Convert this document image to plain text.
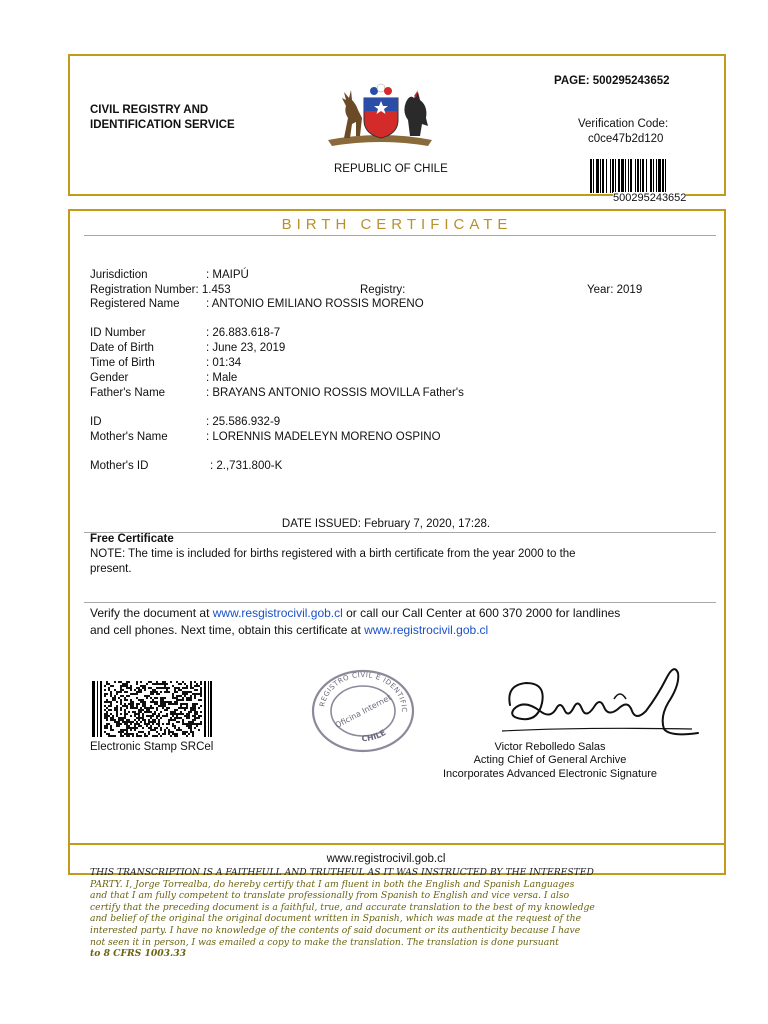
PAGE: 500295243652
CIVIL REGISTRY AND
IDENTIFICATION SERVICE
REPUBLIC OF CHILE
Verification Code:
c0ce47b2d120
500295243652
BIRTH CERTIFICATE
Jurisdiction	: MAIPÚ
Registration Number: 1.453	Registry:	Year: 2019
Registered Name : ANTONIO EMILIANO ROSSIS MORENO
ID Number	: 26.883.618-7
Date of Birth	: June 23, 2019
Time of Birth	: 01:34
Gender	: Male
Father's Name	: BRAYANS ANTONIO ROSSIS MOVILLA Father's
ID	: 25.586.932-9
Mother's Name	: LORENNIS MADELEYN MORENO OSPINO
Mother's ID	: 2.,731.800-K
DATE ISSUED: February 7, 2020, 17:28.
Free Certificate
NOTE: The time is included for births registered with a birth certificate from the year 2000 to the
present.
Verify the document at www.resgistrocivil.gob.cl or call our Call Center at 600 370 2000 for landlines
and cell phones. Next time, obtain this certificate at www.registrocivil.gob.cl
Electronic Stamp SRCel
REGISTRO CIVIL E IDENTIFIC
Oficina Internet
CHILE
Victor Rebolledo Salas
Acting Chief of General Archive
Incorporates Advanced Electronic Signature
www.registrocivil.gob.cl
THIS TRANSCRIPTION IS A FAITHFULL AND TRUTHFUL AS IT WAS INSTRUCTED BY THE INTERESTED
PARTY. I, Jorge Torrealba, do hereby certify that I am fluent in both the English and Spanish Languages
and that I am fully competent to translate professionally from Spanish to English and vice versa. I also
certify that the preceding document is a faithful, true, and accurate translation to the best of my knowledge
and belief of the original the original document written in Spanish, which was made at the request of the
interested party. I have no knowledge of the contents of said document or its authenticity because I have
not seen it in person, I was emailed a copy to make the translation. The translation is done pursuant
to 8 CFRS 1003.33
